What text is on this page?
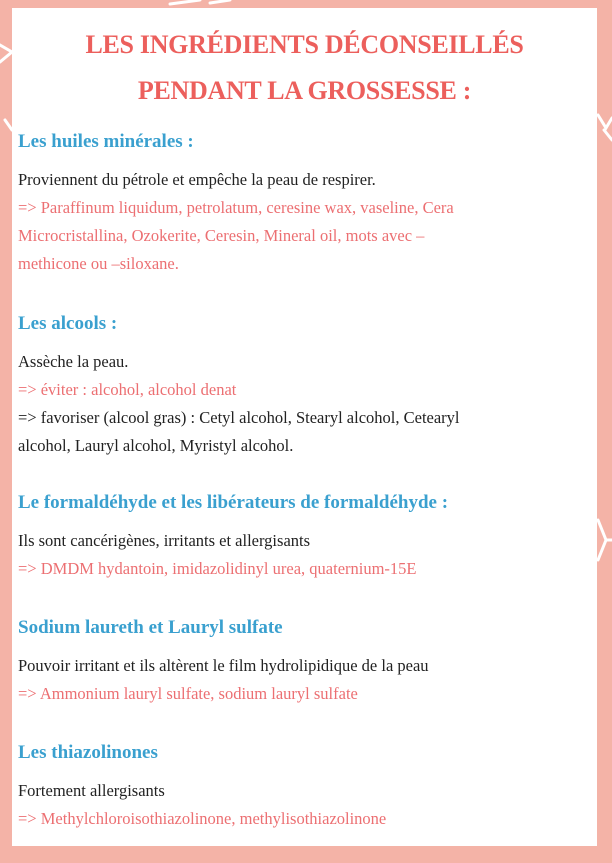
LES INGRÉDIENTS DÉCONSEILLÉS
PENDANT LA GROSSESSE :
Les huiles minérales :
Proviennent du pétrole et empêche la peau de respirer.
=> Paraffinum liquidum, petrolatum, ceresine wax, vaseline, Cera
Microcristallina, Ozokerite, Ceresin, Mineral oil, mots avec –
methicone ou –siloxane.
Les alcools :
Assèche la peau.
=> éviter : alcohol, alcohol denat
=> favoriser (alcool gras) : Cetyl alcohol, Stearyl alcohol, Cetearyl
alcohol, Lauryl alcohol, Myristyl alcohol.
Le formaldéhyde et les libérateurs de formaldéhyde :
Ils sont cancérigènes, irritants et allergisants
=> DMDM hydantoin, imidazolidinyl urea, quaternium-15E
Sodium laureth et Lauryl sulfate
Pouvoir irritant et ils altèrent le film hydrolipidique de la peau
=> Ammonium lauryl sulfate, sodium lauryl sulfate
Les thiazolinones
Fortement allergisants
=> Methylchloroisothiazolinone, methylisothiazolinone
